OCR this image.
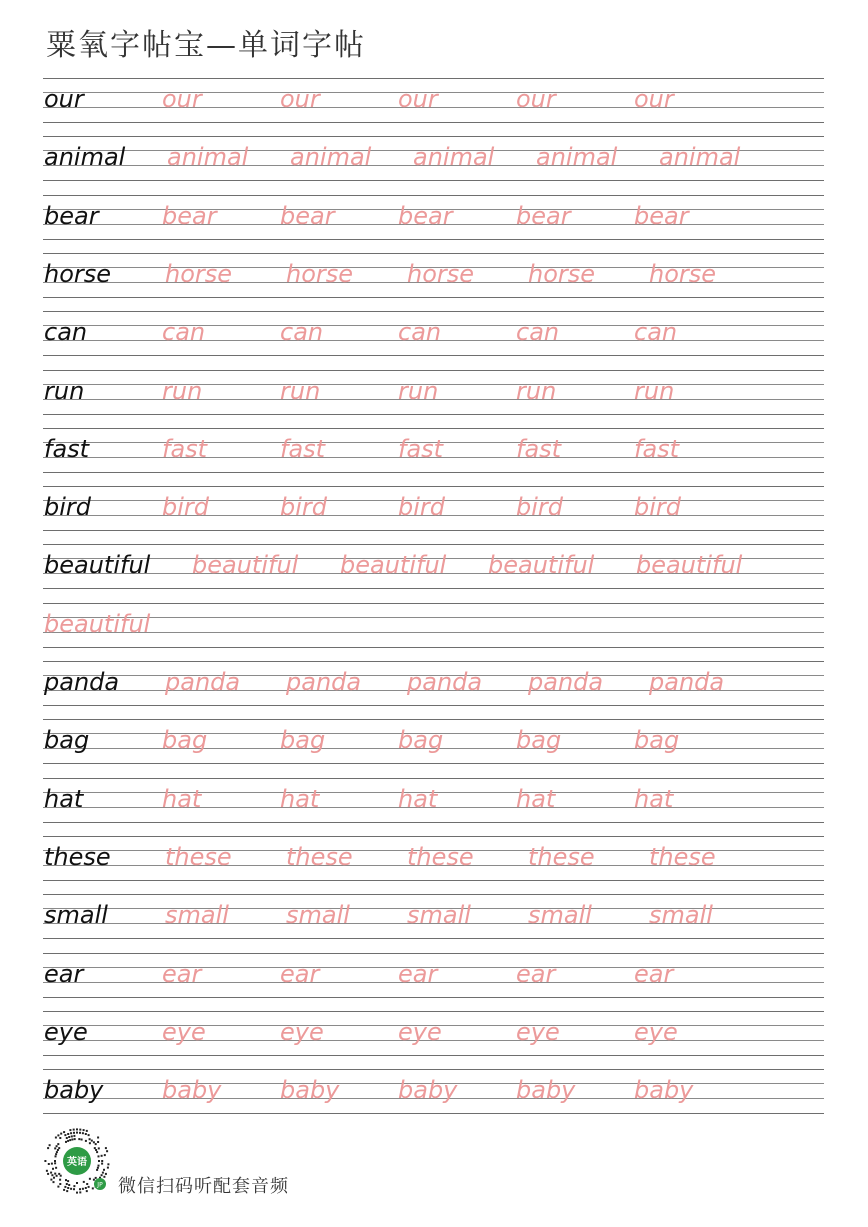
粟氧字帖宝—单词字帖
our	our	our	our	our	our
animal animal animal animal animal animal
bear	bear	bear	bear	bear	bear
horse horse horse horse horse horse
can	can	can	can	can	can
run	run	run	run	run	run
fast	fast	fast	fast	fast	fast
bird	bird	bird	bird	bird	bird
beautiful beautiful beautiful beautiful beautiful
beautiful
panda panda panda panda panda panda
bag	bag	bag	bag	bag	bag
hat	hat	hat	hat	hat	hat
these these these these these these
small small small small small small
ear	ear	ear	ear	ear	ear
eye	eye	eye	eye	eye	eye
baby baby baby baby baby baby
英语
JP 微信扫码听配套音频
